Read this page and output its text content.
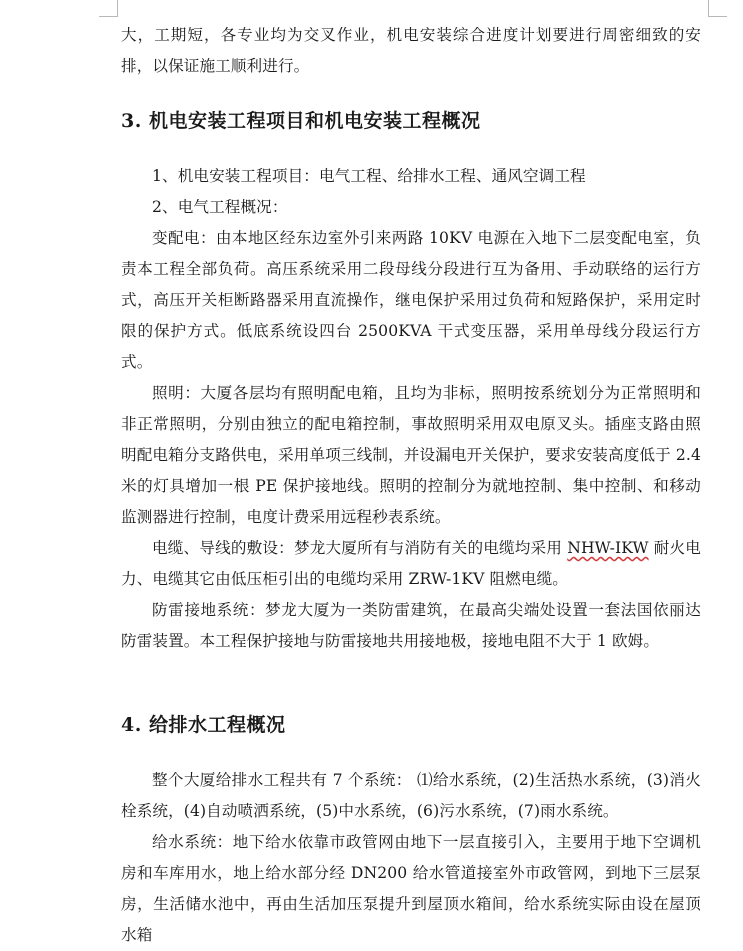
大，工期短，各专业均为交叉作业，机电安装综合进度计划要进行周密细致的安排，以保证施工顺利进行。

3. 机电安装工程项目和机电安装工程概况

1、机电安装工程项目：电气工程、给排水工程、通风空调工程

2、电气工程概况：

变配电：由本地区经东边室外引来两路 10KV 电源在入地下二层变配电室，负责本工程全部负荷。高压系统采用二段母线分段进行互为备用、手动联络的运行方式，高压开关柜断路器采用直流操作，继电保护采用过负荷和短路保护，采用定时限的保护方式。低底系统设四台 2500KVA 干式变压器，采用单母线分段运行方式。

照明：大厦各层均有照明配电箱，且均为非标，照明按系统划分为正常照明和非正常照明，分别由独立的配电箱控制，事故照明采用双电原叉头。插座支路由照明配电箱分支路供电，采用单项三线制，并设漏电开关保护，要求安装高度低于 2.4 米的灯具增加一根 PE 保护接地线。照明的控制分为就地控制、集中控制、和移动监测器进行控制，电度计费采用远程秒表系统。

电缆、导线的敷设：梦龙大厦所有与消防有关的电缆均采用 NHW-IKW 耐火电力、电缆其它由低压柜引出的电缆均采用 ZRW-1KV 阻燃电缆。

防雷接地系统：梦龙大厦为一类防雷建筑，在最高尖端处设置一套法国依丽达防雷装置。本工程保护接地与防雷接地共用接地极，接地电阻不大于 1 欧姆。

4. 给排水工程概况

整个大厦给排水工程共有 7 个系统： ⑴给水系统，(2)生活热水系统，(3)消火栓系统，(4)自动喷洒系统，(5)中水系统，(6)污水系统，(7)雨水系统。

给水系统：地下给水依靠市政管网由地下一层直接引入，主要用于地下空调机房和车库用水，地上给水部分经 DN200 给水管道接室外市政管网，到地下三层泵房，生活储水池中，再由生活加压泵提升到屋顶水箱间，给水系统实际由设在屋顶水箱
